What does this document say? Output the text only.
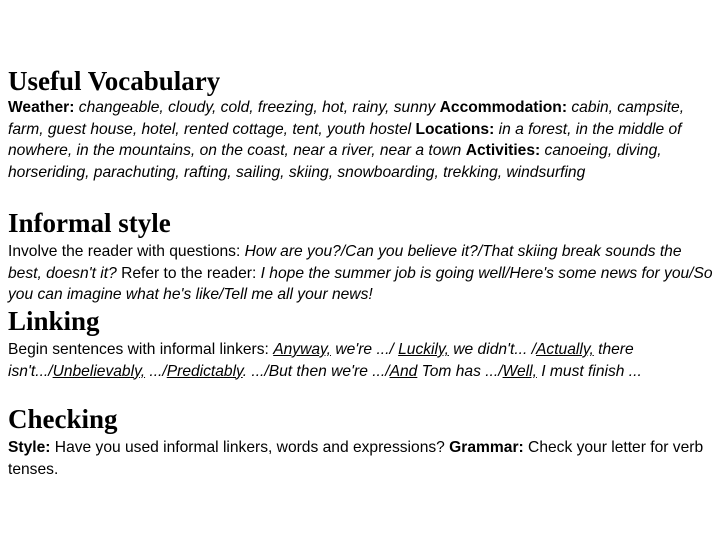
Useful Vocabulary

Weather: changeable, cloudy, cold, freezing, hot, rainy, sunny Accommodation: cabin, campsite, farm, guest house, hotel, rented cottage, tent, youth hostel Locations: in a forest, in the middle of nowhere, in the mountains, on the coast, near a river, near a town Activities: canoeing, diving, horseriding, parachuting, rafting, sailing, skiing, snowboarding, trekking, windsurfing

Informal style

Involve the reader with questions: How are you?/Can you believe it?/That skiing break sounds the best, doesn't it? Refer to the reader: I hope the summer job is going well/Here's some news for you/So you can imagine what he's like/Tell me all your news!

Linking

Begin sentences with informal linkers: Anyway, we're .../ Luckily, we didn't... /Actually, there isn't.../Unbelievably, .../Predictably. .../But then we're .../And Tom has .../Well, I must finish ...

Checking

Style: Have you used informal linkers, words and expressions? Grammar: Check your letter for verb tenses.
